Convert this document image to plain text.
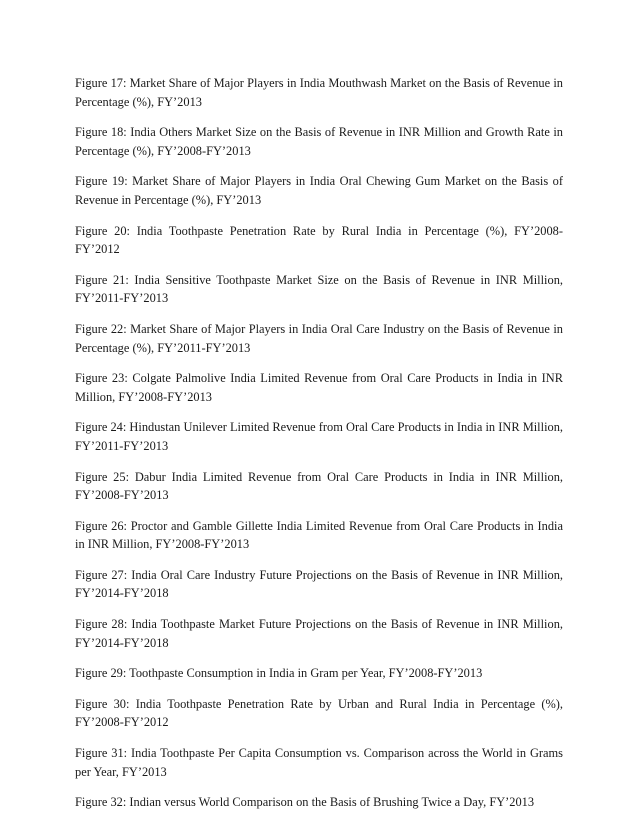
Figure 17: Market Share of Major Players in India Mouthwash Market on the Basis of Revenue in Percentage (%), FY’2013
Figure 18: India Others Market Size on the Basis of Revenue in INR Million and Growth Rate in Percentage (%), FY’2008-FY’2013
Figure 19: Market Share of Major Players in India Oral Chewing Gum Market on the Basis of Revenue in Percentage (%), FY’2013
Figure 20: India Toothpaste Penetration Rate by Rural India in Percentage (%), FY’2008-FY’2012
Figure 21: India Sensitive Toothpaste Market Size on the Basis of Revenue in INR Million, FY’2011-FY’2013
Figure 22: Market Share of Major Players in India Oral Care Industry on the Basis of Revenue in Percentage (%), FY’2011-FY’2013
Figure 23: Colgate Palmolive India Limited Revenue from Oral Care Products in India in INR Million, FY’2008-FY’2013
Figure 24: Hindustan Unilever Limited Revenue from Oral Care Products in India in INR Million, FY’2011-FY’2013
Figure 25: Dabur India Limited Revenue from Oral Care Products in India in INR Million, FY’2008-FY’2013
Figure 26: Proctor and Gamble Gillette India Limited Revenue from Oral Care Products in India in INR Million, FY’2008-FY’2013
Figure 27: India Oral Care Industry Future Projections on the Basis of Revenue in INR Million, FY’2014-FY’2018
Figure 28: India Toothpaste Market Future Projections on the Basis of Revenue in INR Million, FY’2014-FY’2018
Figure 29: Toothpaste Consumption in India in Gram per Year, FY’2008-FY’2013
Figure 30: India Toothpaste Penetration Rate by Urban and Rural India in Percentage (%), FY’2008-FY’2012
Figure 31: India Toothpaste Per Capita Consumption vs. Comparison across the World in Grams per Year, FY’2013
Figure 32: Indian versus World Comparison on the Basis of Brushing Twice a Day, FY’2013
